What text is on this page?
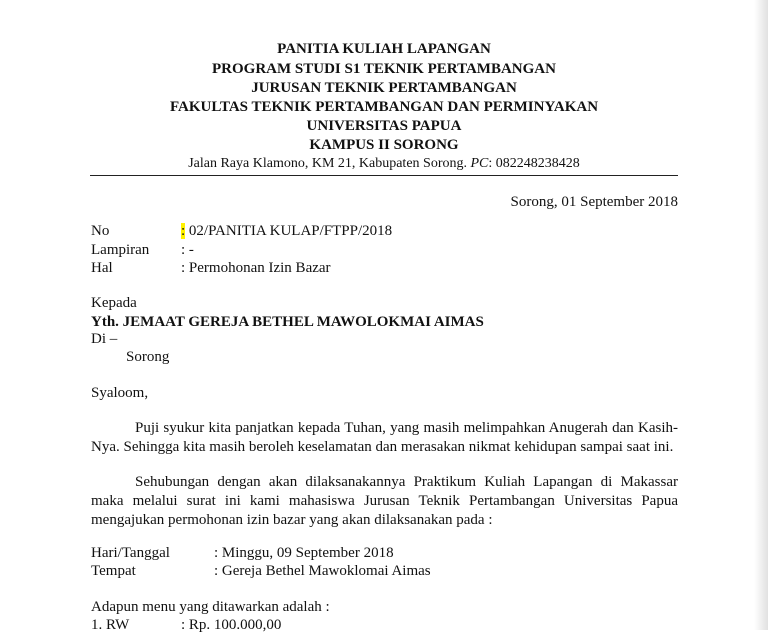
PANITIA KULIAH LAPANGAN
PROGRAM STUDI S1 TEKNIK PERTAMBANGAN
JURUSAN TEKNIK PERTAMBANGAN
FAKULTAS TEKNIK PERTAMBANGAN DAN PERMINYAKAN
UNIVERSITAS PAPUA
KAMPUS II SORONG
Jalan Raya Klamono, KM 21, Kabupaten Sorong. PC: 082248238428
Sorong, 01 September 2018
No	: 02/PANITIA KULAP/FTPP/2018
Lampiran : -
Hal	: Permohonan Izin Bazar
Kepada
Yth. JEMAAT GEREJA BETHEL MAWOLOKMAI AIMAS
Di –
Sorong
Syaloom,
Puji syukur kita panjatkan kepada Tuhan, yang masih melimpahkan Anugerah dan Kasih-Nya. Sehingga kita masih beroleh keselamatan dan merasakan nikmat kehidupan sampai saat ini.
Sehubungan dengan akan dilaksanakannya Praktikum Kuliah Lapangan di Makassar maka melalui surat ini kami mahasiswa Jurusan Teknik Pertambangan Universitas Papua mengajukan permohonan izin bazar yang akan dilaksanakan pada :
Hari/Tanggal	: Minggu, 09 September 2018
Tempat	: Gereja Bethel Mawoklomai Aimas
Adapun menu yang ditawarkan adalah :
1. RW	: Rp. 100.000,00
